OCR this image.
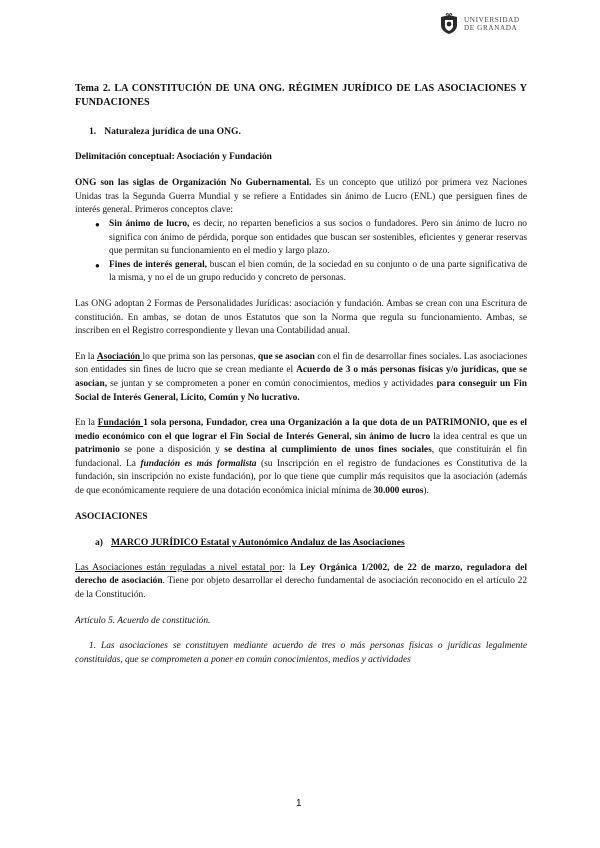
UNIVERSIDAD
DE GRANADA

Tema 2. LA CONSTITUCIÓN DE UNA ONG. RÉGIMEN JURÍDICO DE LAS ASOCIACIONES Y FUNDACIONES

1. Naturaleza jurídica de una ONG.

Delimitación conceptual: Asociación y Fundación

ONG son las siglas de Organización No Gubernamental. Es un concepto que utilizó por primera vez Naciones Unidas tras la Segunda Guerra Mundial y se refiere a Entidades sin ánimo de Lucro (ENL) que persiguen fines de interés general. Primeros conceptos clave:

● Sin ánimo de lucro, es decir, no reparten beneficios a sus socios o fundadores. Pero sin ánimo de lucro no significa con ánimo de pérdida, porque son entidades que buscan ser sostenibles, eficientes y generar reservas que permitan su funcionamiento en el medio y largo plazo.
● Fines de interés general, buscan el bien común, de la sociedad en su conjunto o de una parte significativa de la misma, y no el de un grupo reducido y concreto de personas.

Las ONG adoptan 2 Formas de Personalidades Jurídicas: asociación y fundación. Ambas se crean con una Escritura de constitución. En ambas, se dotan de unos Estatutos que son la Norma que regula su funcionamiento. Ambas, se inscriben en el Registro correspondiente y llevan una Contabilidad anual.

En la Asociación lo que prima son las personas, que se asocian con el fin de desarrollar fines sociales. Las asociaciones son entidades sin fines de lucro que se crean mediante el Acuerdo de 3 o más personas físicas y/o jurídicas, que se asocian, se juntan y se comprometen a poner en común conocimientos, medios y actividades para conseguir un Fin Social de Interés General, Lícito, Común y No lucrativo.

En la Fundación 1 sola persona, Fundador, crea una Organización a la que dota de un PATRIMONIO, que es el medio económico con el que lograr el Fin Social de Interés General, sin ánimo de lucro la idea central es que un patrimonio se pone a disposición y se destina al cumplimiento de unos fines sociales, que constituirán el fin fundacional. La fundación es más formalista (su Inscripción en el registro de fundaciones es Constitutiva de la fundación, sin inscripción no existe fundación), por lo que tiene que cumplir más requisitos que la asociación (además de que económicamente requiere de una dotación económica inicial mínima de 30.000 euros).

ASOCIACIONES

a) MARCO JURÍDICO Estatal y Autonómico Andaluz de las Asociaciones

Las Asociaciones están reguladas a nivel estatal por: la Ley Orgánica 1/2002, de 22 de marzo, reguladora del derecho de asociación. Tiene por objeto desarrollar el derecho fundamental de asociación reconocido en el artículo 22 de la Constitución.

Artículo 5. Acuerdo de constitución.

1. Las asociaciones se constituyen mediante acuerdo de tres o más personas físicas o jurídicas legalmente constituidas, que se comprometen a poner en común conocimientos, medios y actividades

1
